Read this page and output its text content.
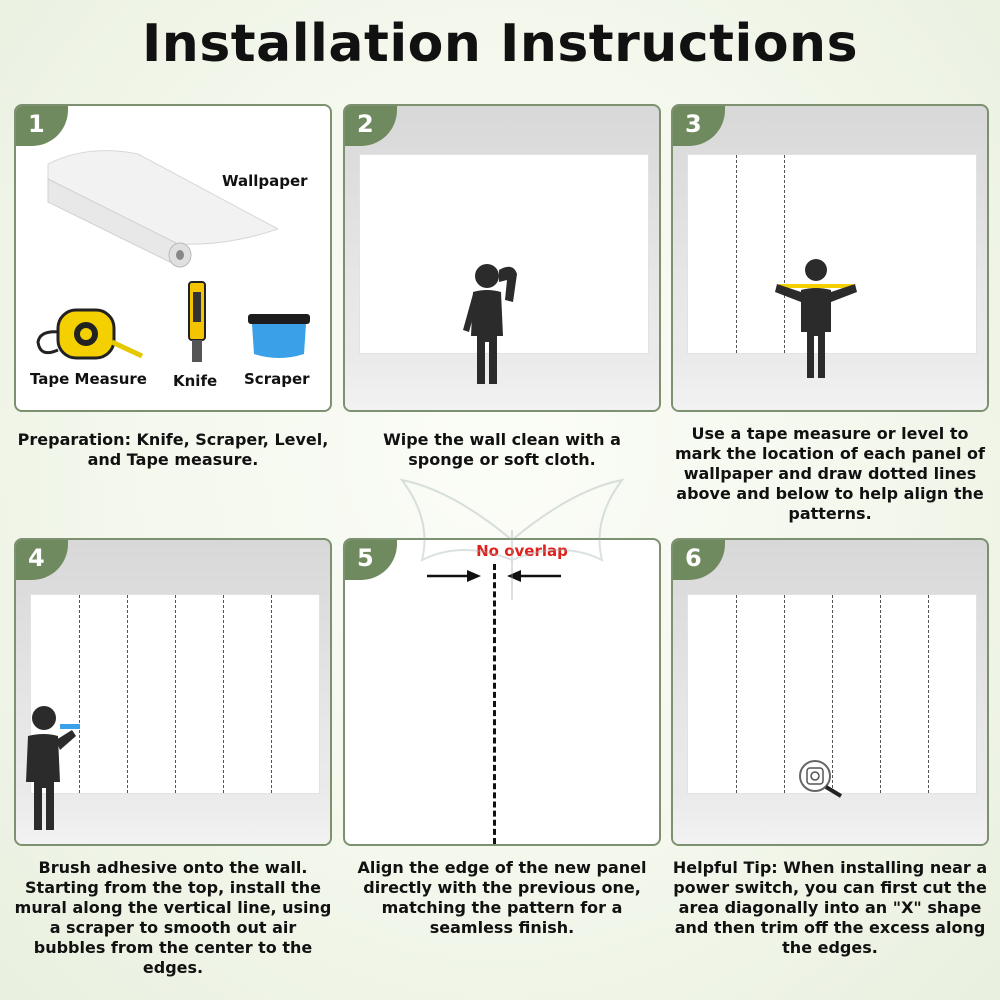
Installation Instructions
1
Wallpaper
Tape Measure Knife Scraper
Preparation: Knife, Scraper, Level, and Tape measure.
2
Wipe the wall clean with a sponge or soft cloth.
3
Use a tape measure or level to mark the location of each panel of wallpaper and draw dotted lines above and below to help align the patterns.
4
Brush adhesive onto the wall. Starting from the top, install the mural along the vertical line, using a scraper to smooth out air bubbles from the center to the edges.
5	No overlap
Align the edge of the new panel directly with the previous one, matching the pattern for a seamless finish.
6
Helpful Tip: When installing near a power switch, you can first cut the area diagonally into an "X" shape and then trim off the excess along the edges.
